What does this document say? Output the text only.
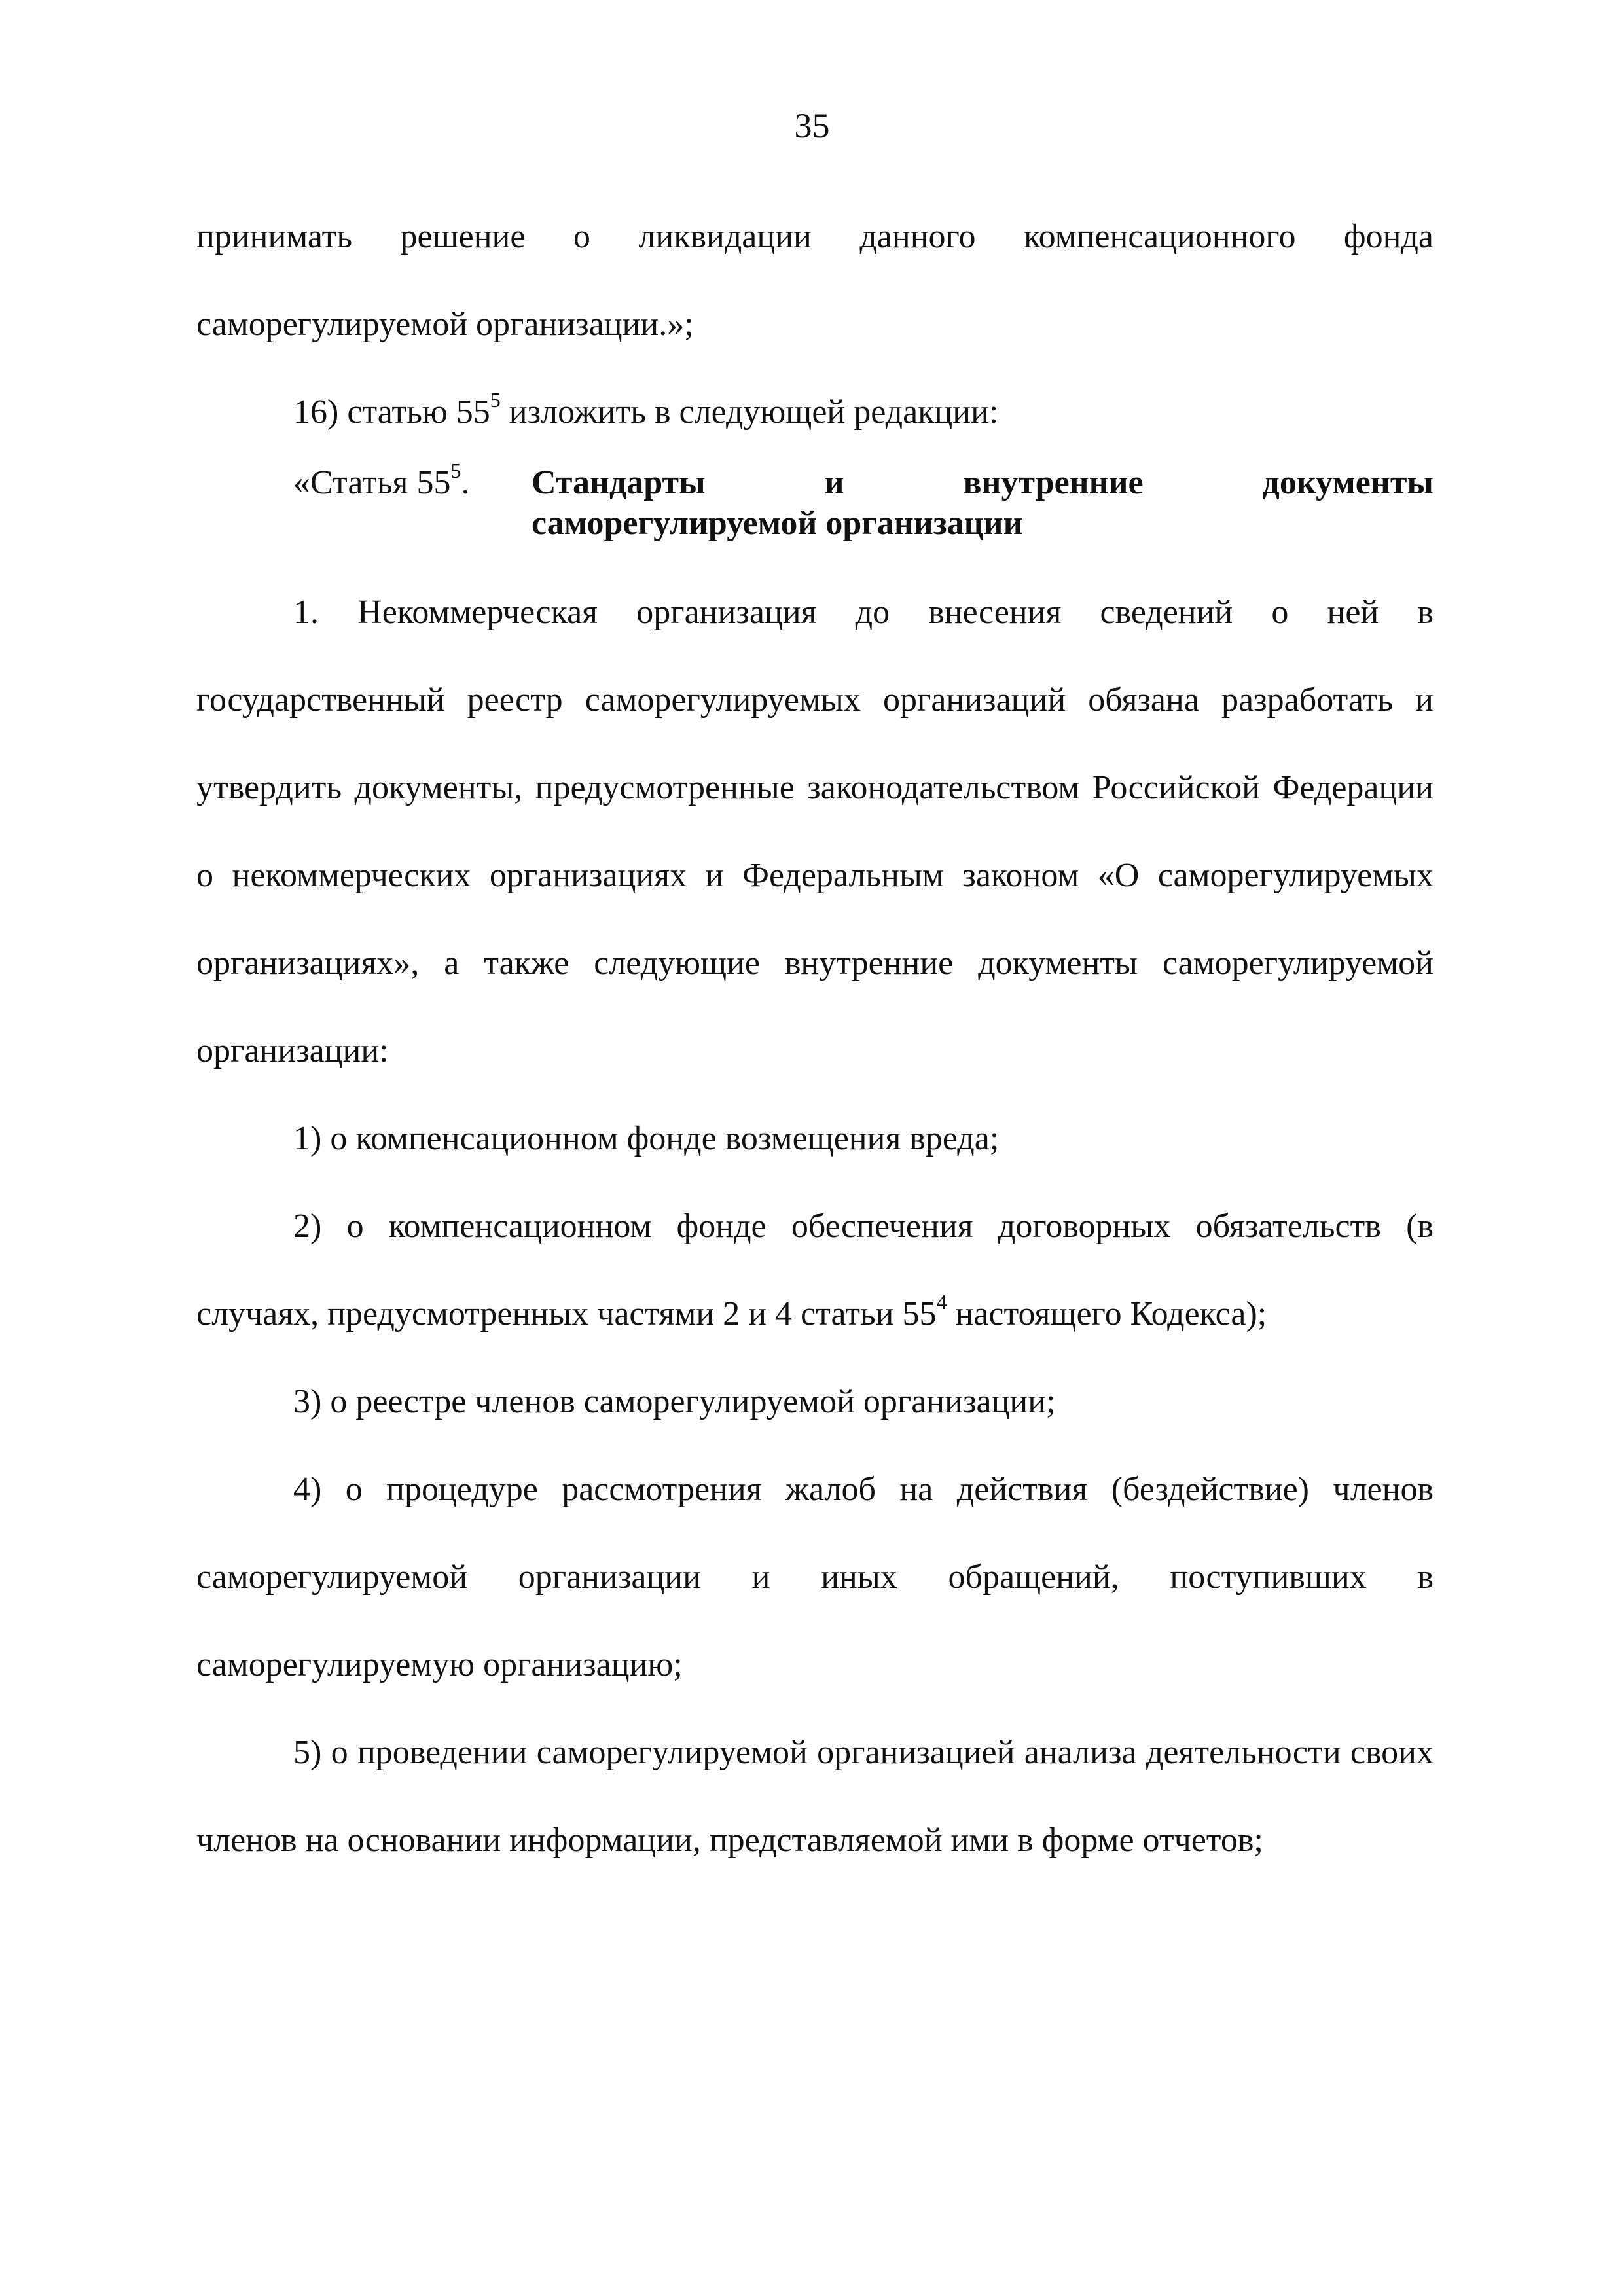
35

принимать решение о ликвидации данного компенсационного фонда саморегулируемой организации.»;

16) статью $55^5$ изложить в следующей редакции:

«Статья $55^5$.	Стандарты	и	внутренние	документы
саморегулируемой организации

1. Некоммерческая организация до внесения сведений о ней в государственный реестр саморегулируемых организаций обязана разработать и утвердить документы, предусмотренные законодательством Российской Федерации о некоммерческих организациях и Федеральным законом «О саморегулируемых организациях», а также следующие внутренние документы саморегулируемой организации:

1) о компенсационном фонде возмещения вреда;

2) о компенсационном фонде обеспечения договорных обязательств (в случаях, предусмотренных частями 2 и 4 статьи $55^4$ настоящего Кодекса);

3) о реестре членов саморегулируемой организации;

4) о процедуре рассмотрения жалоб на действия (бездействие) членов саморегулируемой организации и иных обращений, поступивших в саморегулируемую организацию;

5) о проведении саморегулируемой организацией анализа деятельности своих членов на основании информации, представляемой ими в форме отчетов;
